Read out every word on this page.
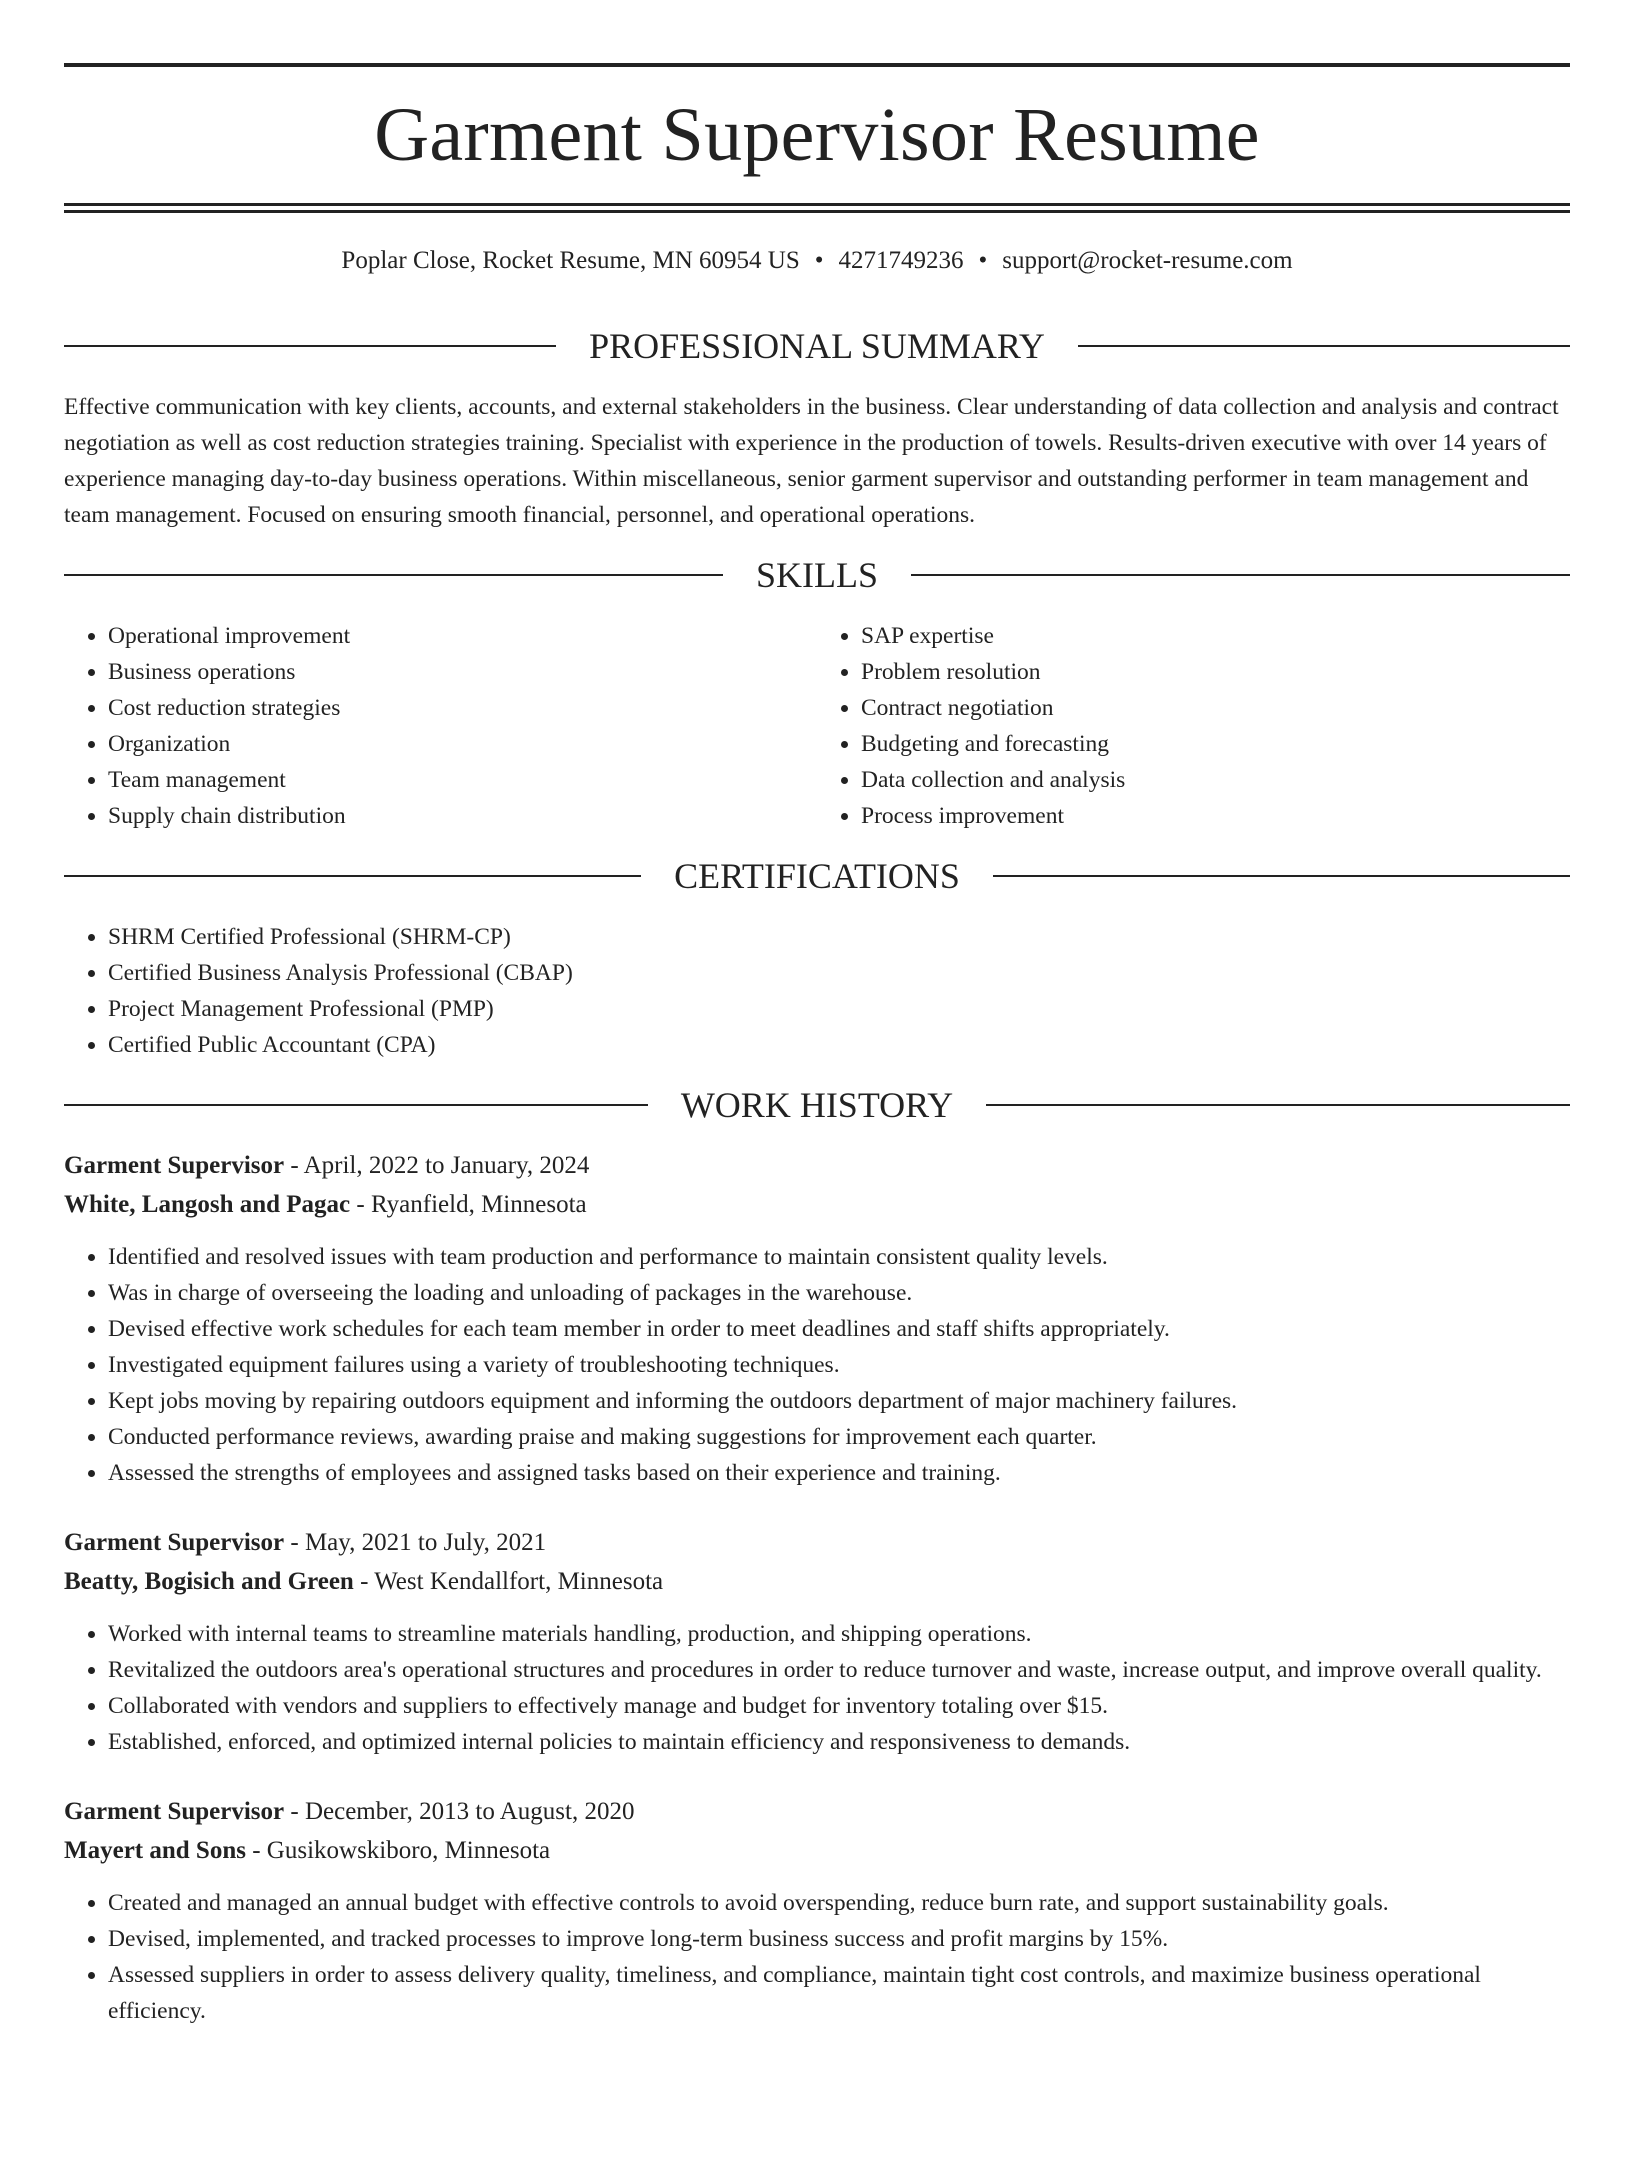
Garment Supervisor Resume
Poplar Close, Rocket Resume, MN 60954 US • 4271749236 • support@rocket-resume.com
PROFESSIONAL SUMMARY

Effective communication with key clients, accounts, and external stakeholders in the business. Clear understanding of data collection and analysis and contract negotiation as well as cost reduction strategies training. Specialist with experience in the production of towels. Results-driven executive with over 14 years of experience managing day-to-day business operations. Within miscellaneous, senior garment supervisor and outstanding performer in team management and team management. Focused on ensuring smooth financial, personnel, and operational operations.

SKILLS
• Operational improvement
• Business operations
• Cost reduction strategies
• Organization
• Team management
• Supply chain distribution
• SAP expertise
• Problem resolution
• Contract negotiation
• Budgeting and forecasting
• Data collection and analysis
• Process improvement
CERTIFICATIONS
• SHRM Certified Professional (SHRM-CP)
• Certified Business Analysis Professional (CBAP)
• Project Management Professional (PMP)
• Certified Public Accountant (CPA)
WORK HISTORY
Garment Supervisor - April, 2022 to January, 2024
White, Langosh and Pagac - Ryanfield, Minnesota
• Identified and resolved issues with team production and performance to maintain consistent quality levels.
• Was in charge of overseeing the loading and unloading of packages in the warehouse.
• Devised effective work schedules for each team member in order to meet deadlines and staff shifts appropriately.
• Investigated equipment failures using a variety of troubleshooting techniques.
• Kept jobs moving by repairing outdoors equipment and informing the outdoors department of major machinery failures.
• Conducted performance reviews, awarding praise and making suggestions for improvement each quarter.
• Assessed the strengths of employees and assigned tasks based on their experience and training.
Garment Supervisor - May, 2021 to July, 2021
Beatty, Bogisich and Green - West Kendallfort, Minnesota
• Worked with internal teams to streamline materials handling, production, and shipping operations.
• Revitalized the outdoors area's operational structures and procedures in order to reduce turnover and waste, increase output, and improve overall quality.
• Collaborated with vendors and suppliers to effectively manage and budget for inventory totaling over $15.
• Established, enforced, and optimized internal policies to maintain efficiency and responsiveness to demands.
Garment Supervisor - December, 2013 to August, 2020
Mayert and Sons - Gusikowskiboro, Minnesota
• Created and managed an annual budget with effective controls to avoid overspending, reduce burn rate, and support sustainability goals.
• Devised, implemented, and tracked processes to improve long-term business success and profit margins by 15%.
• Assessed suppliers in order to assess delivery quality, timeliness, and compliance, maintain tight cost controls, and maximize business operational efficiency.
